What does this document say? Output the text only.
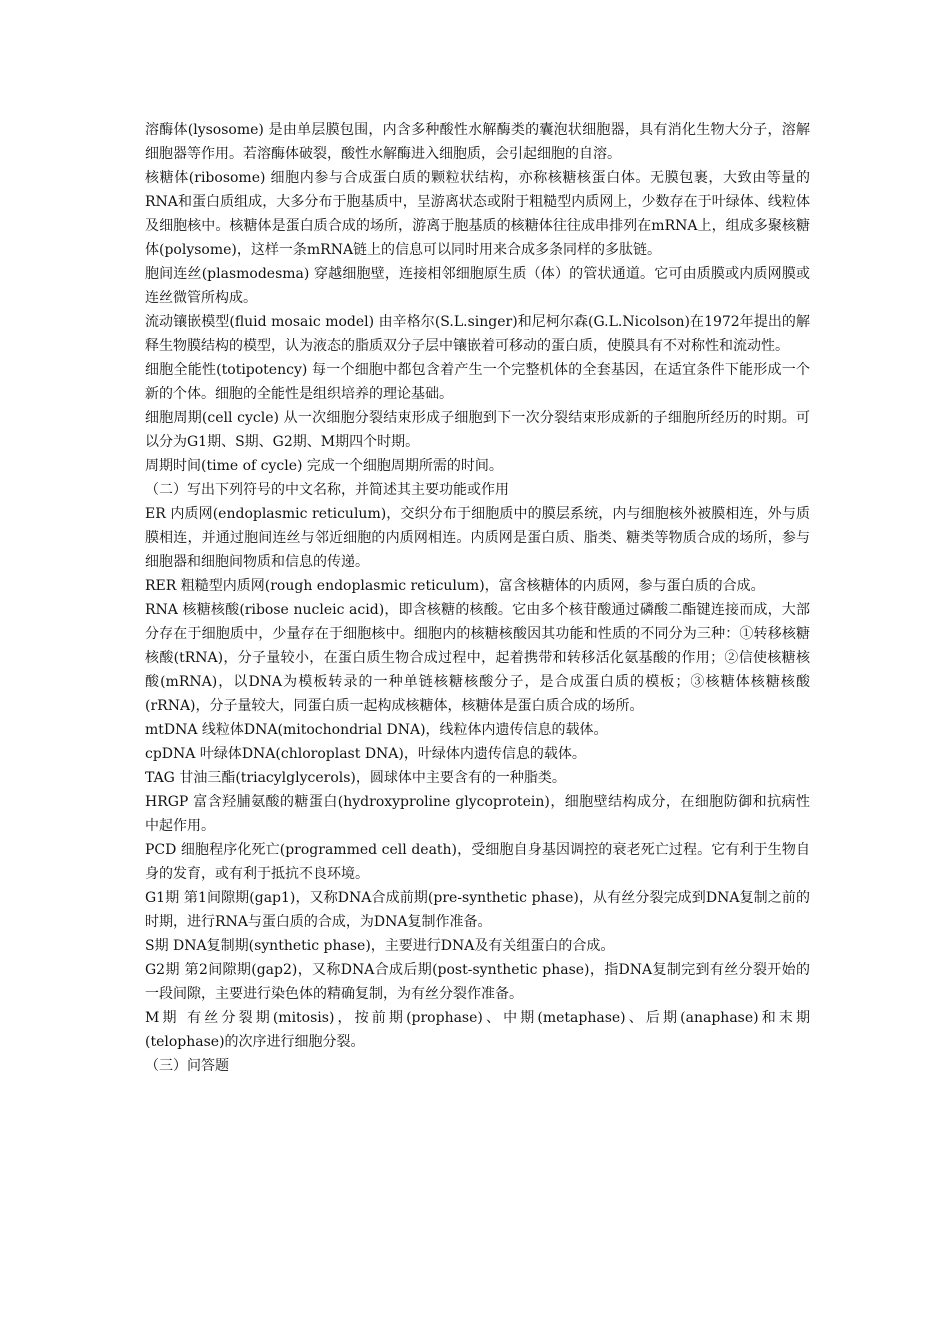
溶酶体(lysosome) 是由单层膜包围，内含多种酸性水解酶类的囊泡状细胞器，具有消化生物大分子，溶解细胞器等作用。若溶酶体破裂，酸性水解酶进入细胞质，会引起细胞的自溶。

核糖体(ribosome) 细胞内参与合成蛋白质的颗粒状结构，亦称核糖核蛋白体。无膜包裹，大致由等量的RNA和蛋白质组成，大多分布于胞基质中，呈游离状态或附于粗糙型内质网上，少数存在于叶绿体、线粒体及细胞核中。核糖体是蛋白质合成的场所，游离于胞基质的核糖体往往成串排列在mRNA上，组成多聚核糖体(polysome)，这样一条mRNA链上的信息可以同时用来合成多条同样的多肽链。

胞间连丝(plasmodesma) 穿越细胞壁，连接相邻细胞原生质（体）的管状通道。它可由质膜或内质网膜或连丝微管所构成。

流动镶嵌模型(fluid mosaic model) 由辛格尔(S.L.singer)和尼柯尔森(G.L.Nicolson)在1972年提出的解释生物膜结构的模型，认为液态的脂质双分子层中镶嵌着可移动的蛋白质，使膜具有不对称性和流动性。

细胞全能性(totipotency) 每一个细胞中都包含着产生一个完整机体的全套基因，在适宜条件下能形成一个新的个体。细胞的全能性是组织培养的理论基础。

细胞周期(cell cycle) 从一次细胞分裂结束形成子细胞到下一次分裂结束形成新的子细胞所经历的时期。可以分为G1期、S期、G2期、M期四个时期。

周期时间(time of cycle) 完成一个细胞周期所需的时间。

（二）写出下列符号的中文名称，并简述其主要功能或作用

ER 内质网(endoplasmic reticulum)，交织分布于细胞质中的膜层系统，内与细胞核外被膜相连，外与质膜相连，并通过胞间连丝与邻近细胞的内质网相连。内质网是蛋白质、脂类、糖类等物质合成的场所，参与细胞器和细胞间物质和信息的传递。

RER 粗糙型内质网(rough endoplasmic reticulum)，富含核糖体的内质网，参与蛋白质的合成。

RNA 核糖核酸(ribose nucleic acid)，即含核糖的核酸。它由多个核苷酸通过磷酸二酯键连接而成，大部分存在于细胞质中，少量存在于细胞核中。细胞内的核糖核酸因其功能和性质的不同分为三种：①转移核糖核酸(tRNA)，分子量较小，在蛋白质生物合成过程中，起着携带和转移活化氨基酸的作用；②信使核糖核酸(mRNA)，以DNA为模板转录的一种单链核糖核酸分子，是合成蛋白质的模板；③核糖体核糖核酸(rRNA)，分子量较大，同蛋白质一起构成核糖体，核糖体是蛋白质合成的场所。

mtDNA 线粒体DNA(mitochondrial DNA)，线粒体内遗传信息的载体。

cpDNA 叶绿体DNA(chloroplast DNA)，叶绿体内遗传信息的载体。

TAG 甘油三酯(triacylglycerols)，圆球体中主要含有的一种脂类。

HRGP 富含羟脯氨酸的糖蛋白(hydroxyproline glycoprotein)，细胞壁结构成分，在细胞防御和抗病性中起作用。

PCD 细胞程序化死亡(programmed cell death)，受细胞自身基因调控的衰老死亡过程。它有利于生物自身的发育，或有利于抵抗不良环境。

G1期 第1间隙期(gap1)，又称DNA合成前期(pre-synthetic phase)，从有丝分裂完成到DNA复制之前的时期，进行RNA与蛋白质的合成，为DNA复制作准备。

S期 DNA复制期(synthetic phase)，主要进行DNA及有关组蛋白的合成。

G2期 第2间隙期(gap2)，又称DNA合成后期(post-synthetic phase)，指DNA复制完到有丝分裂开始的一段间隙，主要进行染色体的精确复制，为有丝分裂作准备。

M期 有丝分裂期(mitosis)，按前期(prophase)、中期(metaphase)、后期(anaphase)和末期(telophase)的次序进行细胞分裂。

（三）问答题
